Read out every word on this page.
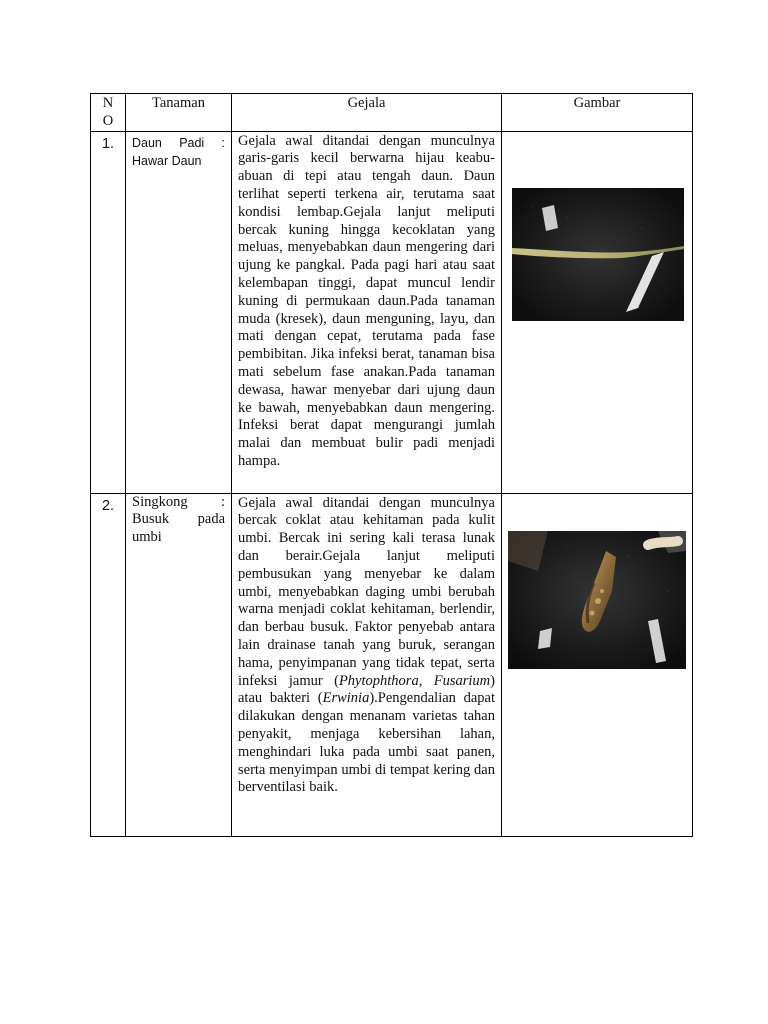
N O	Tanaman	Gejala	Gambar
1.	Daun Padi : Hawar Daun	Gejala awal ditandai dengan munculnya garis-garis kecil berwarna hijau keabu-abuan di tepi atau tengah daun. Daun terlihat seperti terkena air, terutama saat kondisi lembap.Gejala lanjut meliputi bercak kuning hingga kecoklatan yang meluas, menyebabkan daun mengering dari ujung ke pangkal. Pada pagi hari atau saat kelembapan tinggi, dapat muncul lendir kuning di permukaan daun.Pada tanaman muda (kresek), daun menguning, layu, dan mati dengan cepat, terutama pada fase pembibitan. Jika infeksi berat, tanaman bisa mati sebelum fase anakan.Pada tanaman dewasa, hawar menyebar dari ujung daun ke bawah, menyebabkan daun mengering. Infeksi berat dapat mengurangi jumlah malai dan membuat bulir padi menjadi hampa.

2.	Singkong : Busuk pada umbi	Gejala awal ditandai dengan munculnya bercak coklat atau kehitaman pada kulit umbi. Bercak ini sering kali terasa lunak dan berair.Gejala lanjut meliputi pembusukan yang menyebar ke dalam umbi, menyebabkan daging umbi berubah warna menjadi coklat kehitaman, berlendir, dan berbau busuk. Faktor penyebab antara lain drainase tanah yang buruk, serangan hama, penyimpanan yang tidak tepat, serta infeksi jamur (Phytophthora, Fusarium) atau bakteri (Erwinia).Pengendalian dapat dilakukan dengan menanam varietas tahan penyakit, menjaga kebersihan lahan, menghindari luka pada umbi saat panen, serta menyimpan umbi di tempat kering dan berventilasi baik.
